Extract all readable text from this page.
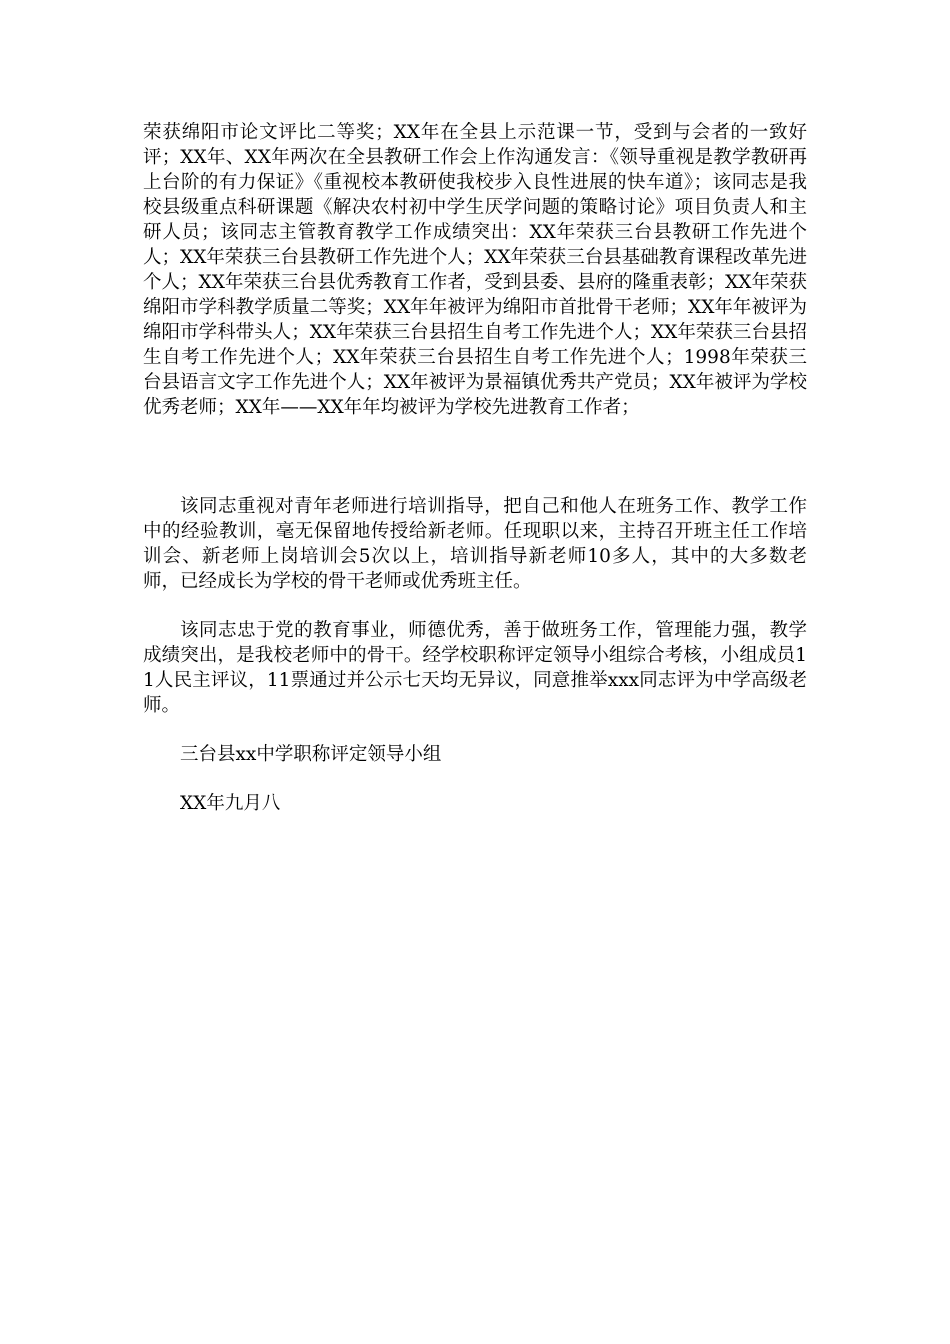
荣获绵阳市论文评比二等奖；XX年在全县上示范课一节，受到与会者的一致好评；XX年、XX年两次在全县教研工作会上作沟通发言：《领导重视是教学教研再上台阶的有力保证》《重视校本教研使我校步入良性进展的快车道》；该同志是我校县级重点科研课题《解决农村初中学生厌学问题的策略讨论》项目负责人和主研人员；该同志主管教育教学工作成绩突出：XX年荣获三台县教研工作先进个人；XX年荣获三台县教研工作先进个人；XX年荣获三台县基础教育课程改革先进个人；XX年荣获三台县优秀教育工作者，受到县委、县府的隆重表彰；XX年荣获绵阳市学科教学质量二等奖；XX年年被评为绵阳市首批骨干老师；XX年年被评为绵阳市学科带头人；XX年荣获三台县招生自考工作先进个人；XX年荣获三台县招生自考工作先进个人；XX年荣获三台县招生自考工作先进个人；1998年荣获三台县语言文字工作先进个人；XX年被评为景福镇优秀共产党员；XX年被评为学校优秀老师；XX年——XX年年均被评为学校先进教育工作者；

该同志重视对青年老师进行培训指导，把自己和他人在班务工作、教学工作中的经验教训，毫无保留地传授给新老师。任现职以来，主持召开班主任工作培训会、新老师上岗培训会5次以上，培训指导新老师10多人，其中的大多数老师，已经成长为学校的骨干老师或优秀班主任。

该同志忠于党的教育事业，师德优秀，善于做班务工作，管理能力强，教学成绩突出，是我校老师中的骨干。经学校职称评定领导小组综合考核，小组成员11人民主评议，11票通过并公示七天均无异议，同意推举xxx同志评为中学高级老师。

三台县xx中学职称评定领导小组

XX年九月八
